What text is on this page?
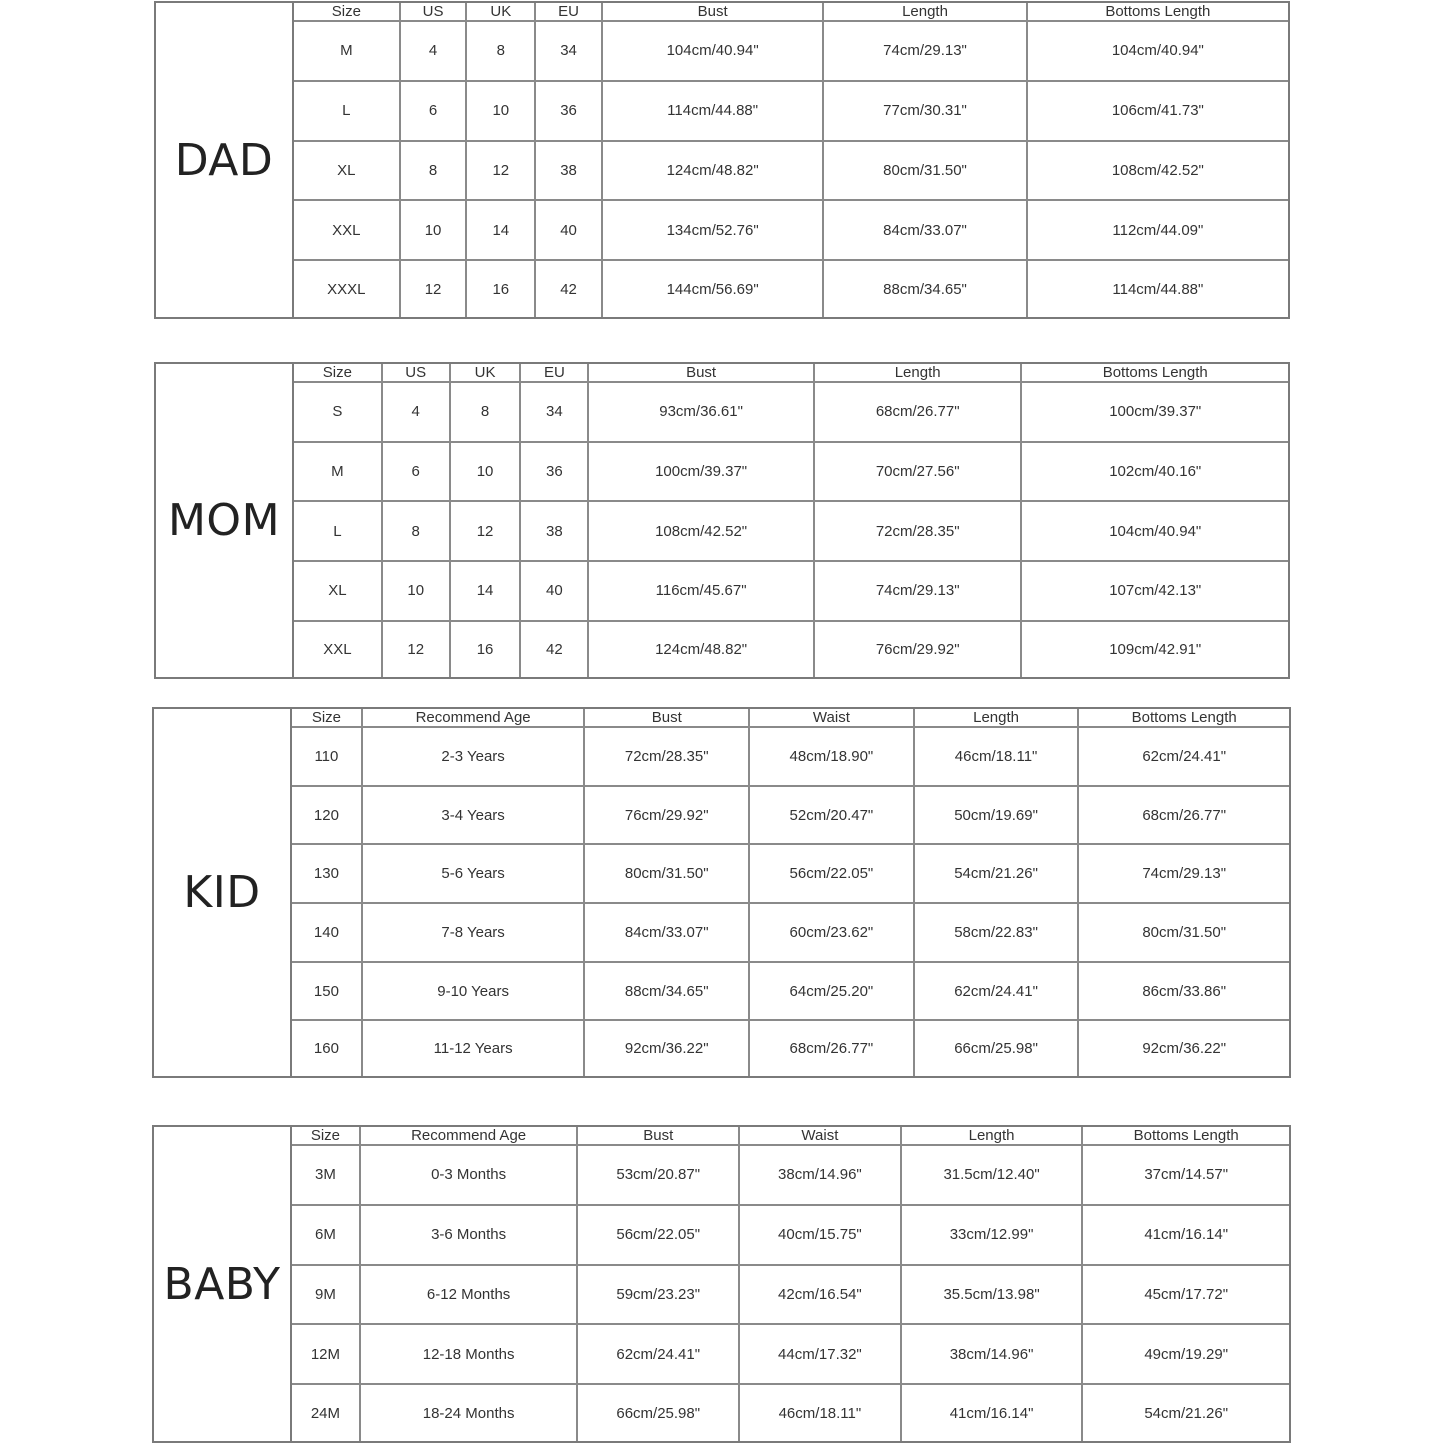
DAD
Size	US	UK	EU	Bust	Length	Bottoms Length
M	4	8	34	104cm/40.94"	74cm/29.13"	104cm/40.94"
L	6	10	36	114cm/44.88"	77cm/30.31"	106cm/41.73"
XL	8	12	38	124cm/48.82"	80cm/31.50"	108cm/42.52"
XXL	10	14	40	134cm/52.76"	84cm/33.07"	112cm/44.09"
XXXL	12	16	42	144cm/56.69"	88cm/34.65"	114cm/44.88"
MOM
Size	US	UK	EU	Bust	Length	Bottoms Length
S	4	8	34	93cm/36.61"	68cm/26.77"	100cm/39.37"
M	6	10	36	100cm/39.37"	70cm/27.56"	102cm/40.16"
L	8	12	38	108cm/42.52"	72cm/28.35"	104cm/40.94"
XL	10	14	40	116cm/45.67"	74cm/29.13"	107cm/42.13"
XXL	12	16	42	124cm/48.82"	76cm/29.92"	109cm/42.91"
KID
Size	Recommend Age	Bust	Waist	Length	Bottoms Length
110	2-3 Years	72cm/28.35"	48cm/18.90"	46cm/18.11"	62cm/24.41"
120	3-4 Years	76cm/29.92"	52cm/20.47"	50cm/19.69"	68cm/26.77"
130	5-6 Years	80cm/31.50"	56cm/22.05"	54cm/21.26"	74cm/29.13"
140	7-8 Years	84cm/33.07"	60cm/23.62"	58cm/22.83"	80cm/31.50"
150	9-10 Years	88cm/34.65"	64cm/25.20"	62cm/24.41"	86cm/33.86"
160	11-12 Years	92cm/36.22"	68cm/26.77"	66cm/25.98"	92cm/36.22"
BABY
Size	Recommend Age	Bust	Waist	Length	Bottoms Length
3M	0-3 Months	53cm/20.87"	38cm/14.96"	31.5cm/12.40"	37cm/14.57"
6M	3-6 Months	56cm/22.05"	40cm/15.75"	33cm/12.99"	41cm/16.14"
9M	6-12 Months	59cm/23.23"	42cm/16.54"	35.5cm/13.98"	45cm/17.72"
12M	12-18 Months	62cm/24.41"	44cm/17.32"	38cm/14.96"	49cm/19.29"
24M	18-24 Months	66cm/25.98"	46cm/18.11"	41cm/16.14"	54cm/21.26"
